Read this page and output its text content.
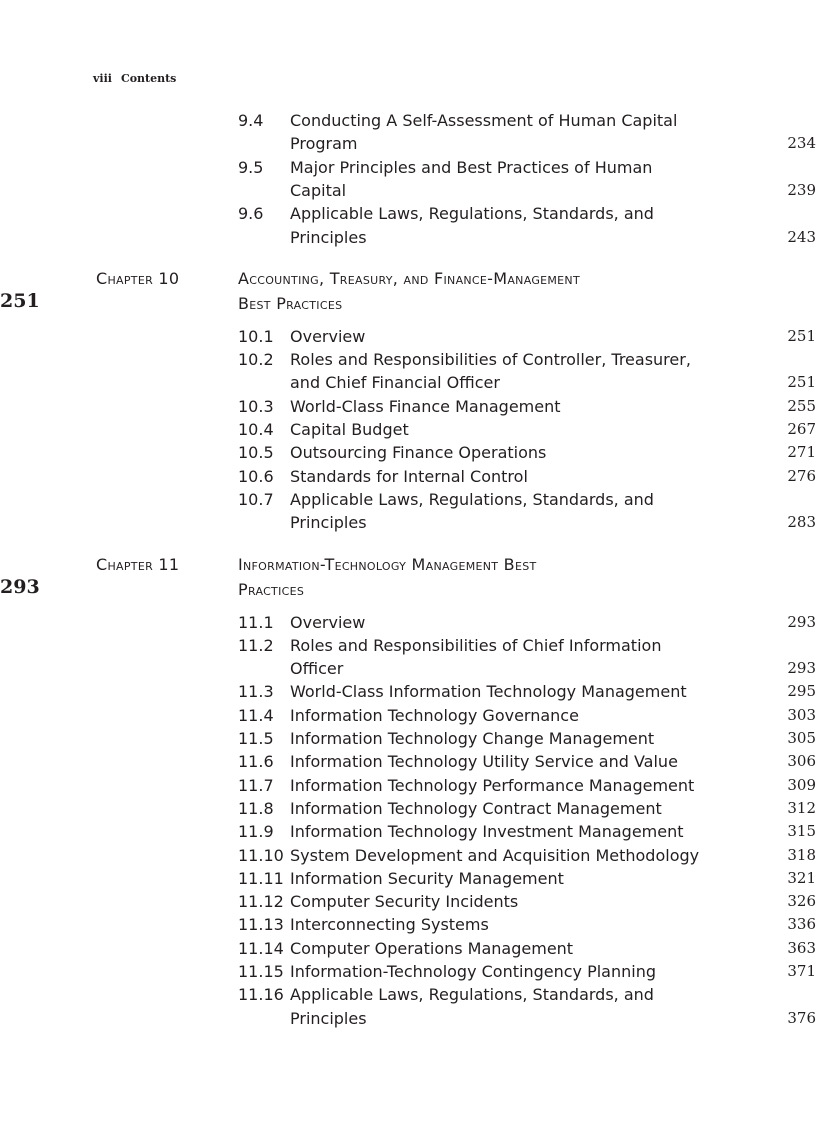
viii Contents
9.4	Conducting A Self-Assessment of Human Capital
Program	234
9.5	Major Principles and Best Practices of Human
Capital	239
9.6	Applicable Laws, Regulations, Standards, and
Principles	243
Chapter 10	Accounting, Treasury, and Finance-Management
Best Practices
251
10.1	Overview	251
10.2	Roles and Responsibilities of Controller, Treasurer,
and Chief Financial Officer	251
10.3	World-Class Finance Management	255
10.4	Capital Budget	267
10.5	Outsourcing Finance Operations	271
10.6	Standards for Internal Control	276
10.7	Applicable Laws, Regulations, Standards, and
Principles	283
Chapter 11	Information-Technology Management Best
Practices
293
11.1	Overview	293
11.2	Roles and Responsibilities of Chief Information
Officer	293
11.3	World-Class Information Technology Management	295
11.4	Information Technology Governance	303
11.5	Information Technology Change Management	305
11.6	Information Technology Utility Service and Value	306
11.7	Information Technology Performance Management	309
11.8	Information Technology Contract Management	312
11.9	Information Technology Investment Management	315
11.10 System Development and Acquisition Methodology	318
11.11 Information Security Management	321
11.12 Computer Security Incidents	326
11.13 Interconnecting Systems	336
11.14 Computer Operations Management	363
11.15 Information-Technology Contingency Planning	371
11.16 Applicable Laws, Regulations, Standards, and
Principles	376
